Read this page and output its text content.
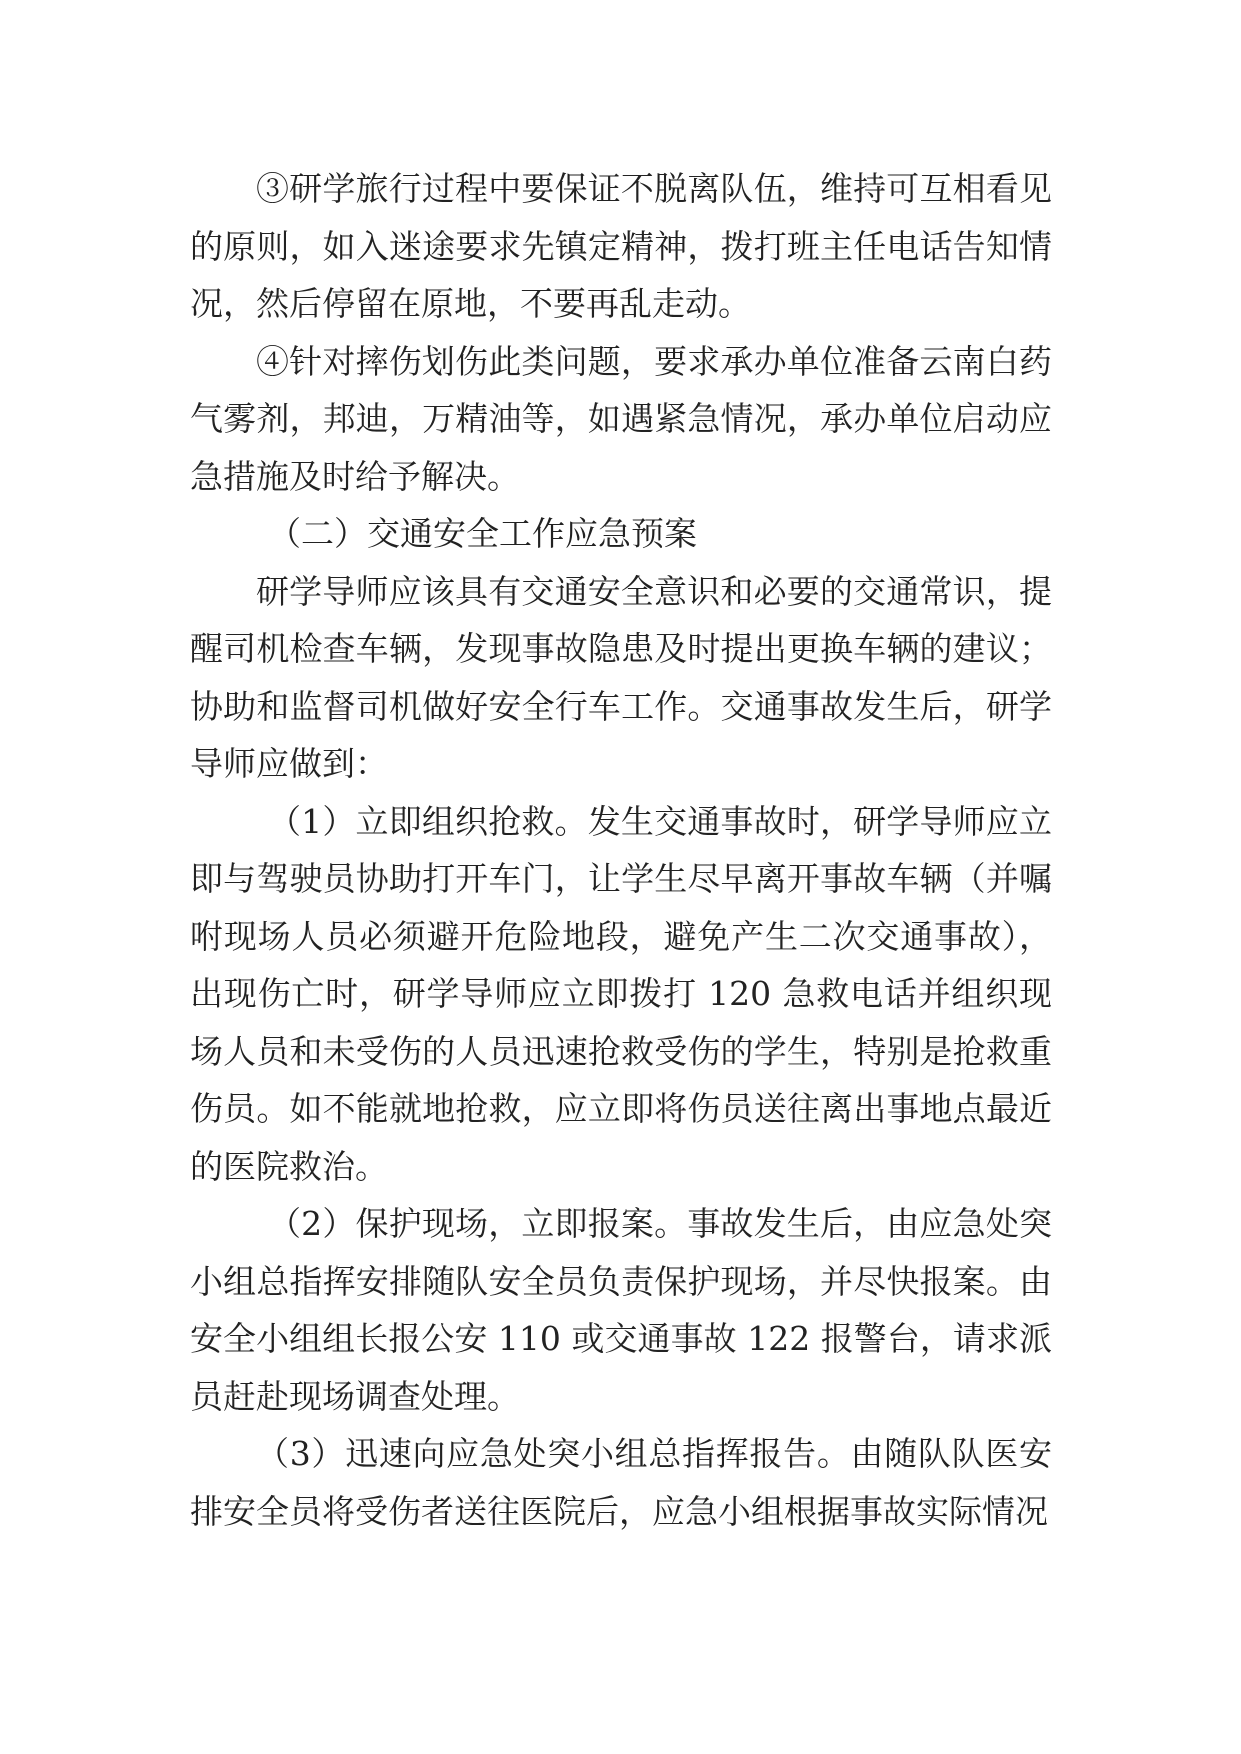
③研学旅行过程中要保证不脱离队伍，维持可互相看见的原则，如入迷途要求先镇定精神，拨打班主任电话告知情况，然后停留在原地，不要再乱走动。

④针对摔伤划伤此类问题，要求承办单位准备云南白药气雾剂，邦迪，万精油等，如遇紧急情况，承办单位启动应急措施及时给予解决。

（二）交通安全工作应急预案

研学导师应该具有交通安全意识和必要的交通常识，提醒司机检查车辆，发现事故隐患及时提出更换车辆的建议；协助和监督司机做好安全行车工作。交通事故发生后，研学导师应做到：

（1）立即组织抢救。发生交通事故时，研学导师应立即与驾驶员协助打开车门，让学生尽早离开事故车辆（并嘱咐现场人员必须避开危险地段，避免产生二次交通事故），出现伤亡时，研学导师应立即拨打 120 急救电话并组织现场人员和未受伤的人员迅速抢救受伤的学生，特别是抢救重伤员。如不能就地抢救，应立即将伤员送往离出事地点最近的医院救治。

（2）保护现场，立即报案。事故发生后，由应急处突小组总指挥安排随队安全员负责保护现场，并尽快报案。由安全小组组长报公安 110 或交通事故 122 报警台，请求派员赶赴现场调查处理。

（3）迅速向应急处突小组总指挥报告。由随队队医安排安全员将受伤者送往医院后，应急小组根据事故实际情况
